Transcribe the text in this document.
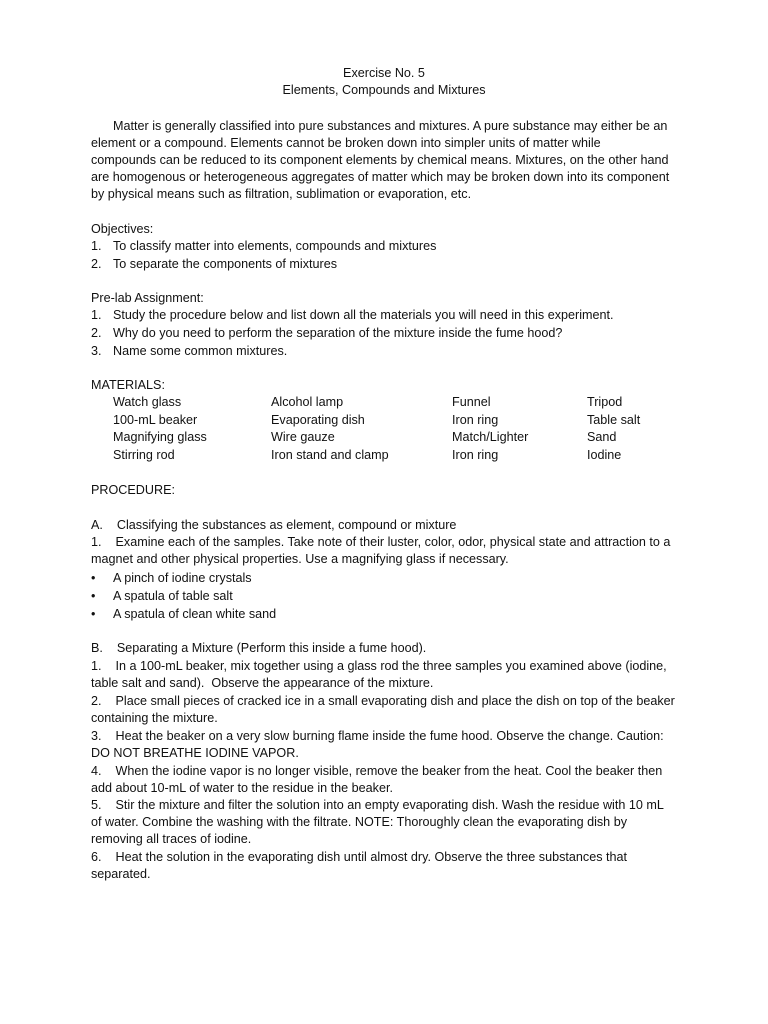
Exercise No. 5
Elements, Compounds and Mixtures
Matter is generally classified into pure substances and mixtures. A pure substance may either be an
element or a compound. Elements cannot be broken down into simpler units of matter while
compounds can be reduced to its component elements by chemical means. Mixtures, on the other hand
are homogenous or heterogeneous aggregates of matter which may be broken down into its component
by physical means such as filtration, sublimation or evaporation, etc.
Objectives:
1. To classify matter into elements, compounds and mixtures
2. To separate the components of mixtures
Pre-lab Assignment:
1. Study the procedure below and list down all the materials you will need in this experiment.
2. Why do you need to perform the separation of the mixture inside the fume hood?
3. Name some common mixtures.
MATERIALS:
Watch glass	Alcohol lamp	Funnel	Tripod
100-mL beaker	Evaporating dish	Iron ring	Table salt
Magnifying glass	Wire gauze	Match/Lighter	Sand
Stirring rod	Iron stand and clamp	Iron ring	Iodine
PROCEDURE:
A.    Classifying the substances as element, compound or mixture
1.    Examine each of the samples. Take note of their luster, color, odor, physical state and attraction to a
magnet and other physical properties. Use a magnifying glass if necessary.
• A pinch of iodine crystals
• A spatula of table salt
• A spatula of clean white sand
B.    Separating a Mixture (Perform this inside a fume hood).
1.    In a 100-mL beaker, mix together using a glass rod the three samples you examined above (iodine,
table salt and sand).  Observe the appearance of the mixture.
2.    Place small pieces of cracked ice in a small evaporating dish and place the dish on top of the beaker
containing the mixture.
3.    Heat the beaker on a very slow burning flame inside the fume hood. Observe the change. Caution:
DO NOT BREATHE IODINE VAPOR.
4.    When the iodine vapor is no longer visible, remove the beaker from the heat. Cool the beaker then
add about 10-mL of water to the residue in the beaker.
5.    Stir the mixture and filter the solution into an empty evaporating dish. Wash the residue with 10 mL
of water. Combine the washing with the filtrate. NOTE: Thoroughly clean the evaporating dish by
removing all traces of iodine.
6.    Heat the solution in the evaporating dish until almost dry. Observe the three substances that
separated.
